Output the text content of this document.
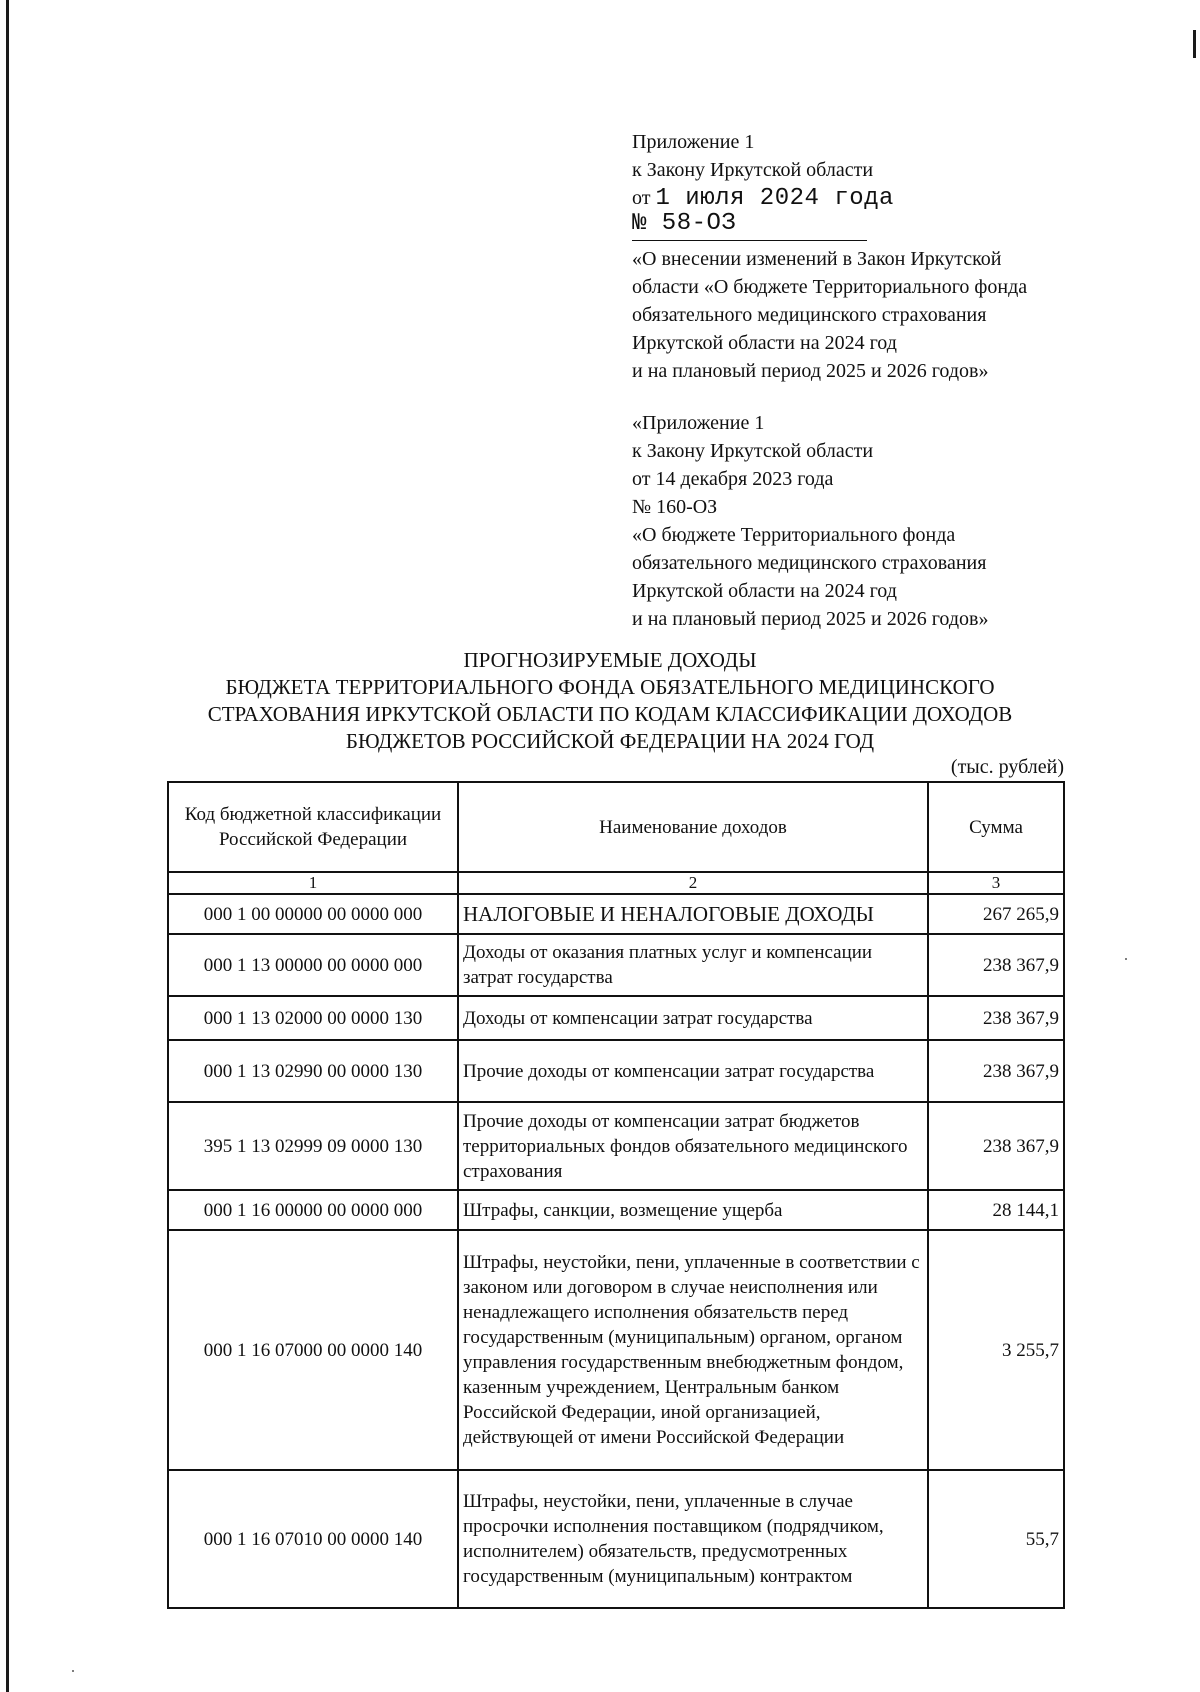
Приложение 1
к Закону Иркутской области
от 1 июля 2024 года
№ 58-ОЗ
«О внесении изменений в Закон Иркутской
области «О бюджете Территориального фонда
обязательного медицинского страхования
Иркутской области на 2024 год
и на плановый период 2025 и 2026 годов»
«Приложение 1
к Закону Иркутской области
от 14 декабря 2023 года
№ 160-ОЗ
«О бюджете Территориального фонда
обязательного медицинского страхования
Иркутской области на 2024 год
и на плановый период 2025 и 2026 годов»
ПРОГНОЗИРУЕМЫЕ ДОХОДЫ
БЮДЖЕТА ТЕРРИТОРИАЛЬНОГО ФОНДА ОБЯЗАТЕЛЬНОГО МЕДИЦИНСКОГО
СТРАХОВАНИЯ ИРКУТСКОЙ ОБЛАСТИ ПО КОДАМ КЛАССИФИКАЦИИ ДОХОДОВ
БЮДЖЕТОВ РОССИЙСКОЙ ФЕДЕРАЦИИ НА 2024 ГОД
(тыс. рублей)
Код бюджетной классификации Российской Федерации	Наименование доходов	Сумма
1	2	3
000 1 00 00000 00 0000 000	НАЛОГОВЫЕ И НЕНАЛОГОВЫЕ ДОХОДЫ	267 265,9
000 1 13 00000 00 0000 000	Доходы от оказания платных услуг и компенсации затрат государства	238 367,9
000 1 13 02000 00 0000 130	Доходы от компенсации затрат государства	238 367,9
000 1 13 02990 00 0000 130	Прочие доходы от компенсации затрат государства	238 367,9
395 1 13 02999 09 0000 130	Прочие доходы от компенсации затрат бюджетов территориальных фондов обязательного медицинского страхования	238 367,9
000 1 16 00000 00 0000 000	Штрафы, санкции, возмещение ущерба	28 144,1
000 1 16 07000 00 0000 140	Штрафы, неустойки, пени, уплаченные в соответствии с законом или договором в случае неисполнения или ненадлежащего исполнения обязательств перед государственным (муниципальным) органом, органом управления государственным внебюджетным фондом, казенным учреждением, Центральным банком Российской Федерации, иной организацией, действующей от имени Российской Федерации	3 255,7
000 1 16 07010 00 0000 140	Штрафы, неустойки, пени, уплаченные в случае просрочки исполнения поставщиком (подрядчиком, исполнителем) обязательств, предусмотренных государственным (муниципальным) контрактом	55,7
